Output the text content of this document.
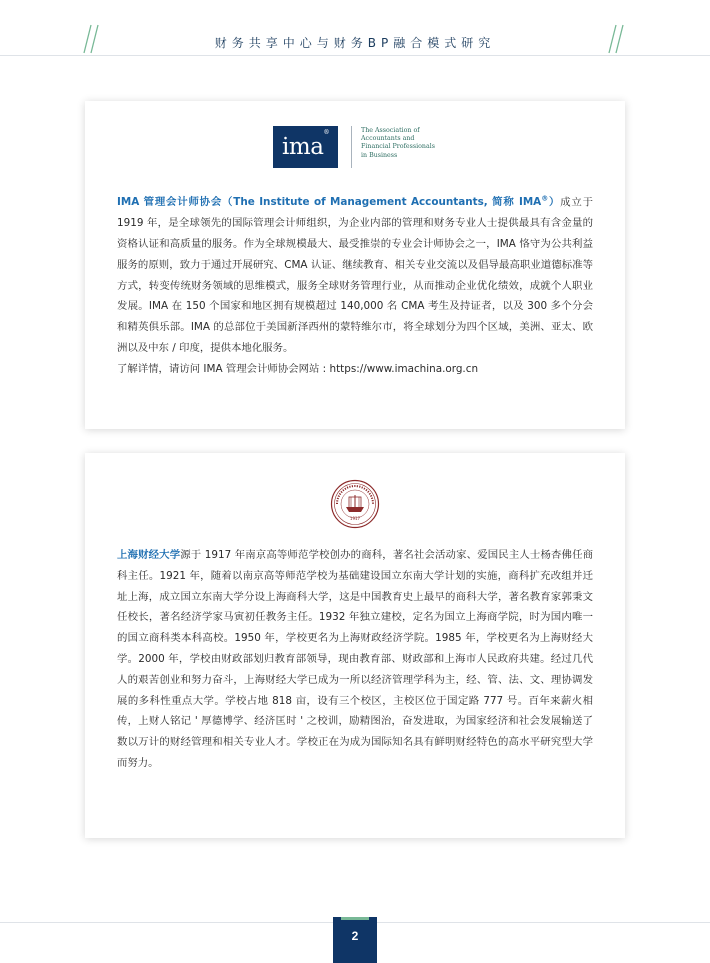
财务共享中心与财务BP融合模式研究
ima®	The Association of
Accountants and
Financial Professionals
in Business

IMA 管理会计师协会（The Institute of Management Accountants, 简称 IMA®）成立于 1919 年，是全球领先的国际管理会计师组织，为企业内部的管理和财务专业人士提供最具有含金量的资格认证和高质量的服务。作为全球规模最大、最受推崇的专业会计师协会之一，IMA 恪守为公共利益服务的原则，致力于通过开展研究、CMA 认证、继续教育、相关专业交流以及倡导最高职业道德标准等方式，转变传统财务领域的思维模式，服务全球财务管理行业，从而推动企业优化绩效，成就个人职业发展。IMA 在 150 个国家和地区拥有规模超过 140,000 名 CMA 考生及持证者，以及 300 多个分会和精英俱乐部。IMA 的总部位于美国新泽西州的蒙特维尔市，将全球划分为四个区域，美洲、亚太、欧洲以及中东 / 印度，提供本地化服务。

了解详情，请访问 IMA 管理会计师协会网站 : https://www.imachina.org.cn

1917

上海财经大学源于 1917 年南京高等师范学校创办的商科，著名社会活动家、爱国民主人士杨杏佛任商科主任。1921 年，随着以南京高等师范学校为基础建设国立东南大学计划的实施，商科扩充改组并迁址上海，成立国立东南大学分设上海商科大学，这是中国教育史上最早的商科大学，著名教育家郭秉文任校长，著名经济学家马寅初任教务主任。1932 年独立建校，定名为国立上海商学院，时为国内唯一的国立商科类本科高校。1950 年，学校更名为上海财政经济学院。1985 年，学校更名为上海财经大学。2000 年，学校由财政部划归教育部领导，现由教育部、财政部和上海市人民政府共建。经过几代人的艰苦创业和努力奋斗，上海财经大学已成为一所以经济管理学科为主，经、管、法、文、理协调发展的多科性重点大学。学校占地 818 亩，设有三个校区，主校区位于国定路 777 号。百年来薪火相传，上财人铭记 ' 厚德博学、经济匡时 ' 之校训，励精图治，奋发进取，为国家经济和社会发展输送了数以万计的财经管理和相关专业人才。学校正在为成为国际知名具有鲜明财经特色的高水平研究型大学而努力。

2
